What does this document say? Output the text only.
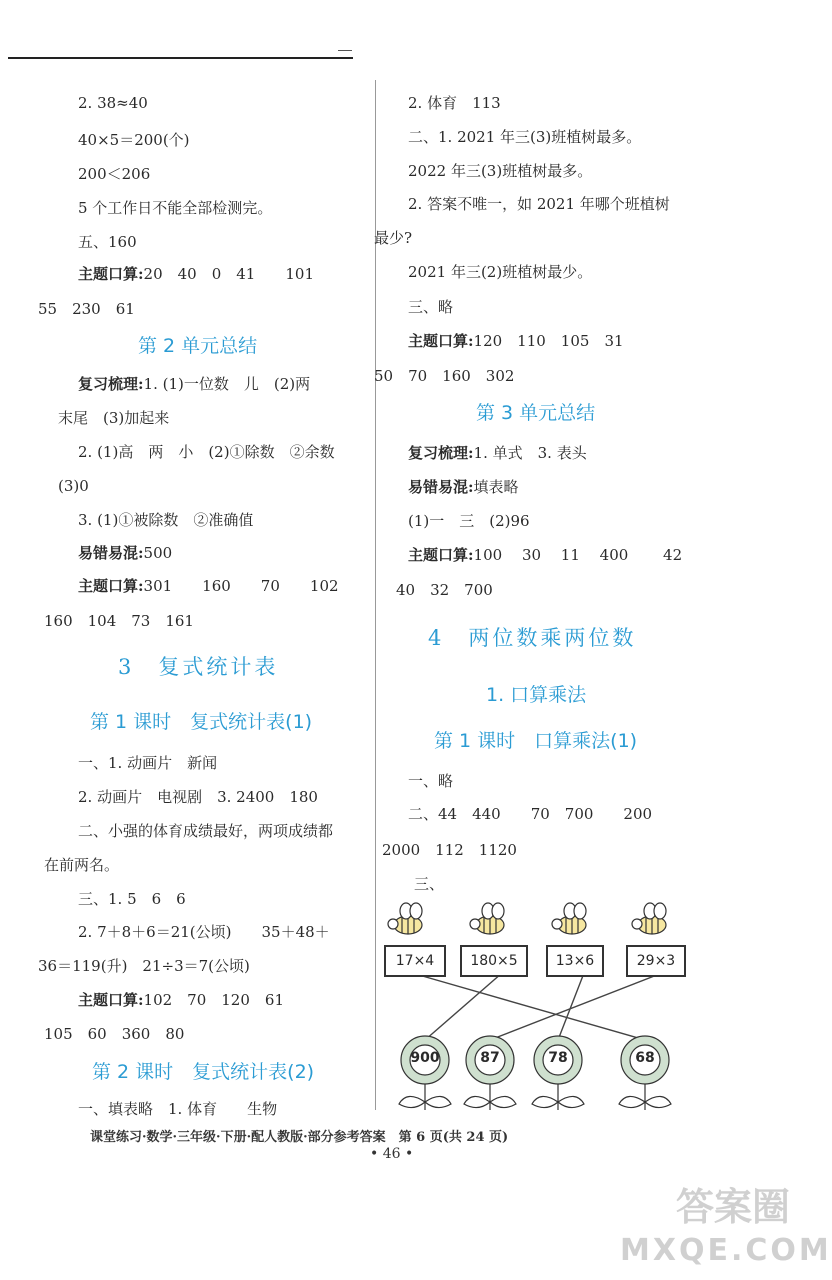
2. 38≈40
40×5＝200(个)
200＜206
5 个工作日不能全部检测完。
五、160
主题口算:20　40　0　41　　101
55　230　61
第 2 单元总结
复习梳理:1. (1)一位数　儿　(2)两
末尾　(3)加起来
2. (1)高　两　小　(2)①除数　②余数
(3)0
3. (1)①被除数　②准确值
易错易混:500
主题口算:301　　160　　70　　102
160　104　73　161
3　复式统计表
第 1 课时　复式统计表(1)
一、1. 动画片　新闻
2. 动画片　电视剧　3. 2400　180
二、小强的体育成绩最好，两项成绩都
在前两名。
三、1. 5　6　6
2. 7＋8＋6＝21(公顷)　　35＋48＋
36＝119(升)　21÷3＝7(公顷)
主题口算:102　70　120　61
105　60　360　80
第 2 课时　复式统计表(2)
一、填表略　1. 体育　　生物
2. 体育　113
二、1. 2021 年三(3)班植树最多。
2022 年三(3)班植树最多。
2. 答案不唯一，如 2021 年哪个班植树
最少?
2021 年三(2)班植树最少。
三、略
主题口算:120　110　105　31
50　70　160　302
第 3 单元总结
复习梳理:1. 单式　3. 表头
易错易混:填表略
(1)一　三　(2)96
主题口算:100　 30　 11　 400　　 42
40　32　700
4　两位数乘两位数
1. 口算乘法
第 1 课时　口算乘法(1)
一、略
二、44　440　　70　700　　200
2000　112　1120
三、
17×4	180×5	13×6	29×3
900	87	78	68
课堂练习·数学·三年级·下册·配人教版·部分参考答案　第 6 页(共 24 页)
• 46 •
答案圈
MXQE.COM
